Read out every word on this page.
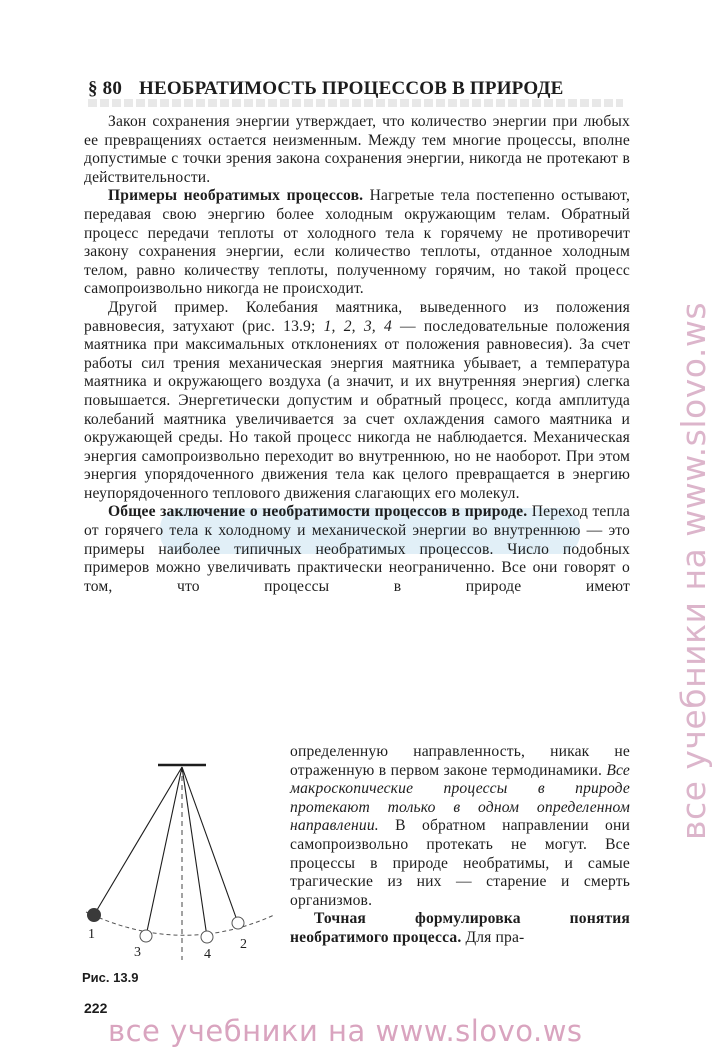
§ 80 НЕОБРАТИМОСТЬ ПРОЦЕССОВ В ПРИРОДЕ

Закон сохранения энергии утверждает, что количество энергии при любых ее превращениях остается неизменным. Между тем многие процессы, вполне допустимые с точки зрения закона сохранения энергии, никогда не протекают в действительности.

Примеры необратимых процессов. Нагретые тела постепенно остывают, передавая свою энергию более холодным окружающим телам. Обратный процесс передачи теплоты от холодного тела к горячему не противоречит закону сохранения энергии, если количество теплоты, отданное холодным телом, равно количеству теплоты, полученному горячим, но такой процесс самопроизвольно никогда не происходит.

Другой пример. Колебания маятника, выведенного из положения равновесия, затухают (рис. 13.9; 1, 2, 3, 4 — последовательные положения маятника при максимальных отклонениях от положения равновесия). За счет работы сил трения механическая энергия маятника убывает, а температура маятника и окружающего воздуха (а значит, и их внутренняя энергия) слегка повышается. Энергетически допустим и обратный процесс, когда амплитуда колебаний маятника увеличивается за счет охлаждения самого маятника и окружающей среды. Но такой процесс никогда не наблюдается. Механическая энергия самопроизвольно переходит во внутреннюю, но не наоборот. При этом энергия упорядоченного движения тела как целого превращается в энергию неупорядоченного теплового движения слагающих его молекул.

Общее заключение о необратимости процессов в природе. Переход тепла от горячего тела к холодному и механической энергии во внутреннюю — это примеры наиболее типичных необратимых процессов. Число подобных примеров можно увеличивать практически неограниченно. Все они говорят о том, что процессы в природе имеют

определенную направленность, никак не отраженную в первом законе термодинамики. Все макроскопические процессы в природе протекают только в одном определенном направлении. В обратном направлении они самопроизвольно протекать не могут. Все процессы в природе необратимы, и самые трагические из них — старение и смерть организмов.

Точная формулировка понятия необратимого процесса. Для пра-

1
2
3	4
Рис. 13.9
222
все учебники на www.slovo.ws
все учебники на www.slovo.ws
